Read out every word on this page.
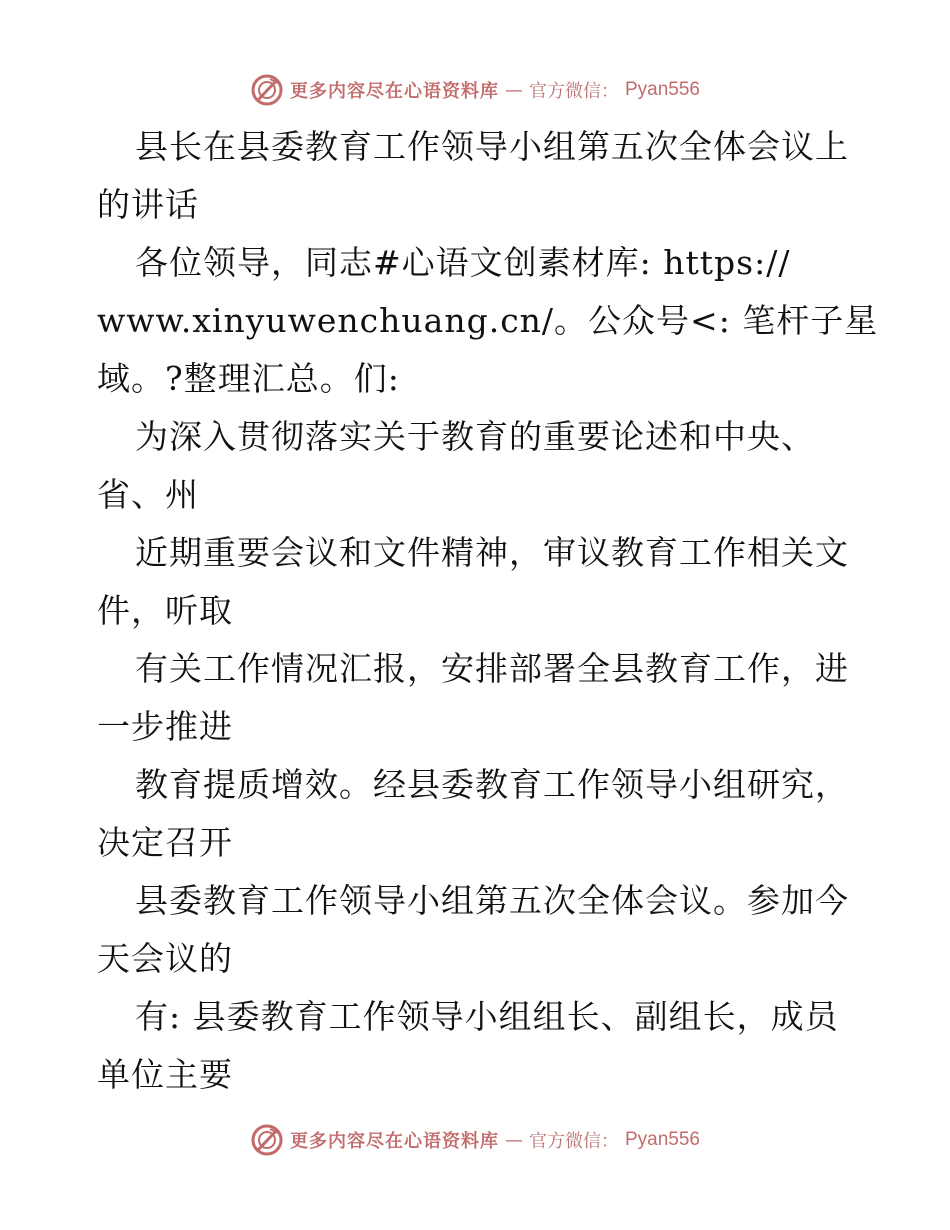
更多内容尽在心语资料库 — 官方微信： Pyan556
县长在县委教育工作领导小组第五次全体会议上
的讲话
各位领导，同志#心语文创素材库: https://
www.xinyuwenchuang.cn/。公众号<: 笔杆子星
域。?整理汇总。们:
为深入贯彻落实关于教育的重要论述和中央、
省、州
近期重要会议和文件精神，审议教育工作相关文
件，听取
有关工作情况汇报，安排部署全县教育工作，进
一步推进
教育提质增效。经县委教育工作领导小组研究，
决定召开
县委教育工作领导小组第五次全体会议。参加今
天会议的
有: 县委教育工作领导小组组长、副组长，成员
单位主要
更多内容尽在心语资料库 — 官方微信： Pyan556
